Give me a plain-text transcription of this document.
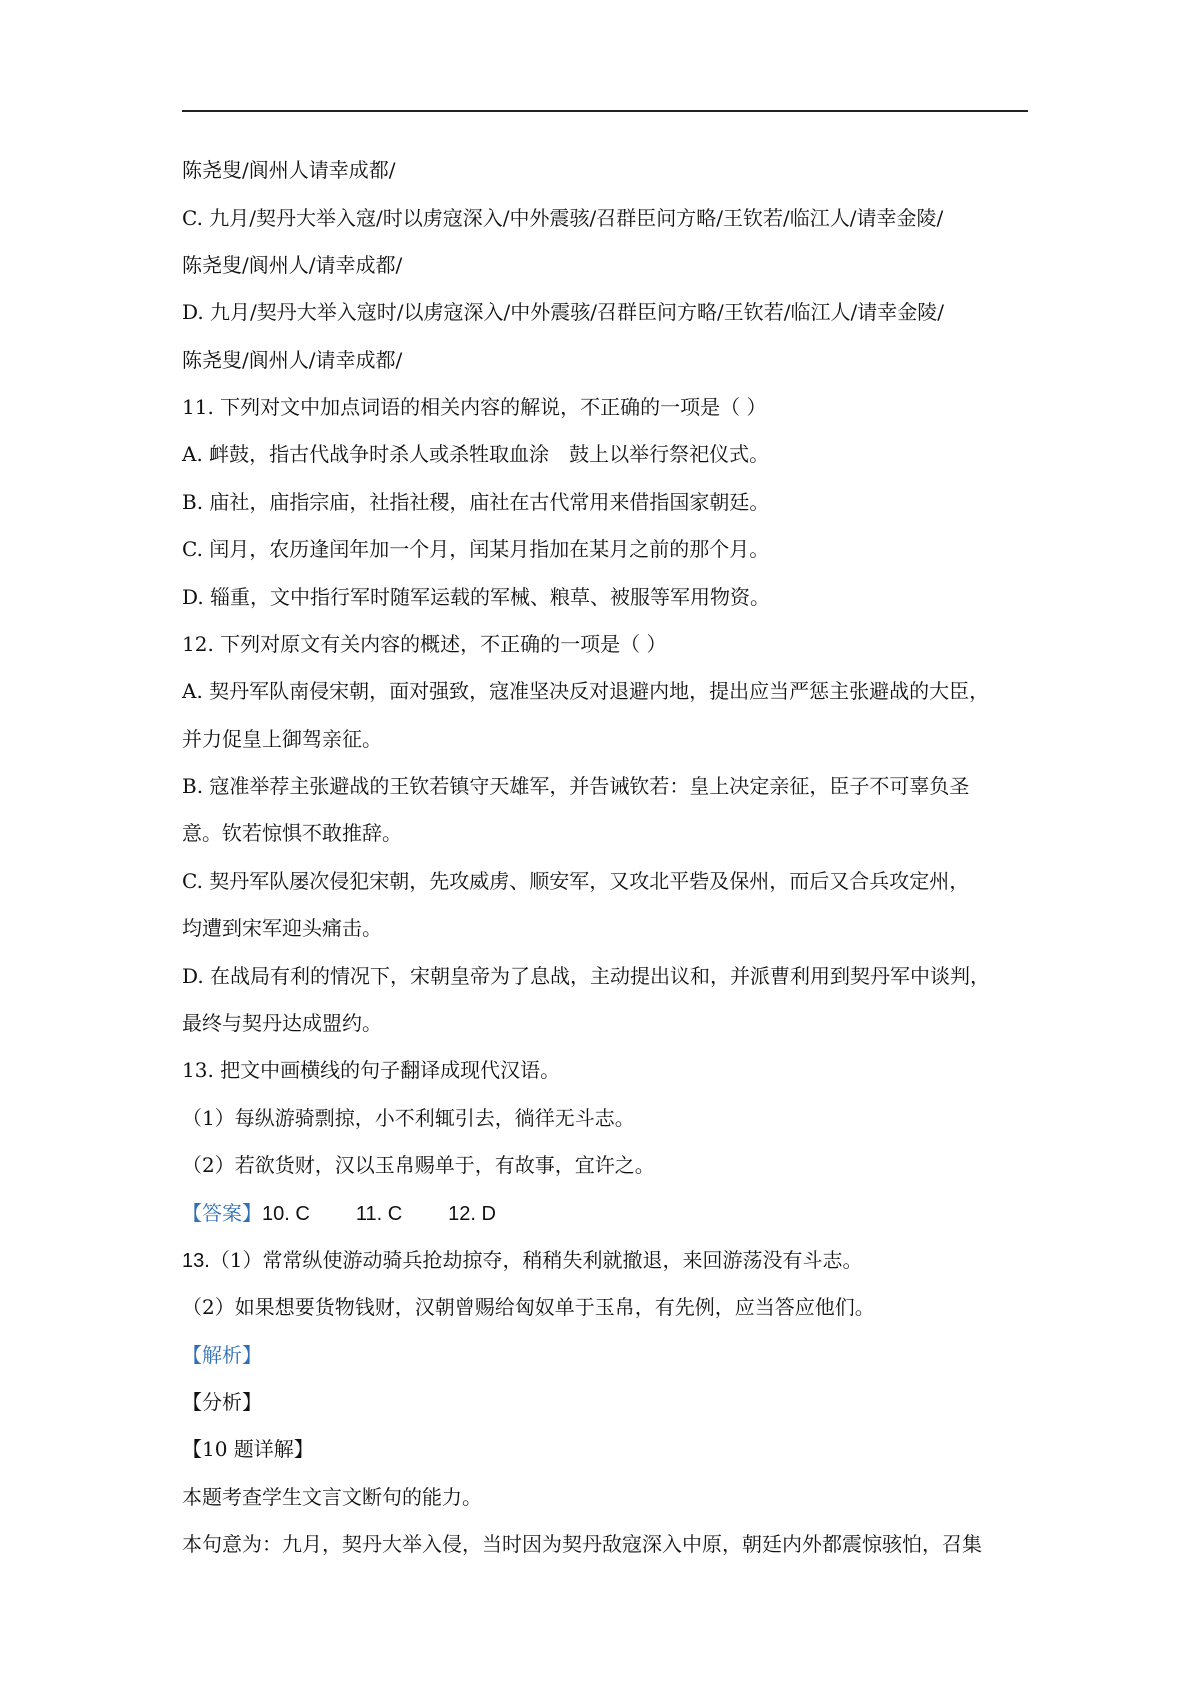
陈尧叟/阆州人请幸成都/
C. 九月/契丹大举入寇/时以虏寇深入/中外震骇/召群臣问方略/王钦若/临江人/请幸金陵/
陈尧叟/阆州人/请幸成都/
D. 九月/契丹大举入寇时/以虏寇深入/中外震骇/召群臣问方略/王钦若/临江人/请幸金陵/
陈尧叟/阆州人/请幸成都/
11. 下列对文中加点词语的相关内容的解说，不正确的一项是（ ）
A. 衅鼓，指古代战争时杀人或杀牲取血涂　鼓上以举行祭祀仪式。
B. 庙社，庙指宗庙，社指社稷，庙社在古代常用来借指国家朝廷。
C. 闰月，农历逢闰年加一个月，闰某月指加在某月之前的那个月。
D. 辎重，文中指行军时随军运载的军械、粮草、被服等军用物资。
12. 下列对原文有关内容的概述，不正确的一项是（ ）
A. 契丹军队南侵宋朝，面对强致，寇准坚决反对退避内地，提出应当严惩主张避战的大臣，
并力促皇上御驾亲征。
B. 寇准举荐主张避战的王钦若镇守天雄军，并告诫钦若：皇上决定亲征，臣子不可辜负圣
意。钦若惊惧不敢推辞。
C. 契丹军队屡次侵犯宋朝，先攻威虏、顺安军，又攻北平砦及保州，而后又合兵攻定州，
均遭到宋军迎头痛击。
D. 在战局有利的情况下，宋朝皇帝为了息战，主动提出议和，并派曹利用到契丹军中谈判，
最终与契丹达成盟约。
13. 把文中画横线的句子翻译成现代汉语。
（1）每纵游骑剽掠，小不利辄引去，徜徉无斗志。
（2）若欲货财，汉以玉帛赐单于，有故事，宜许之。
【答案】10. C 11. C 12. D
13.（1）常常纵使游动骑兵抢劫掠夺，稍稍失利就撤退，来回游荡没有斗志。
（2）如果想要货物钱财，汉朝曾赐给匈奴单于玉帛，有先例，应当答应他们。
【解析】
【分析】
【10 题详解】
本题考查学生文言文断句的能力。
本句意为：九月，契丹大举入侵，当时因为契丹敌寇深入中原，朝廷内外都震惊骇怕，召集
